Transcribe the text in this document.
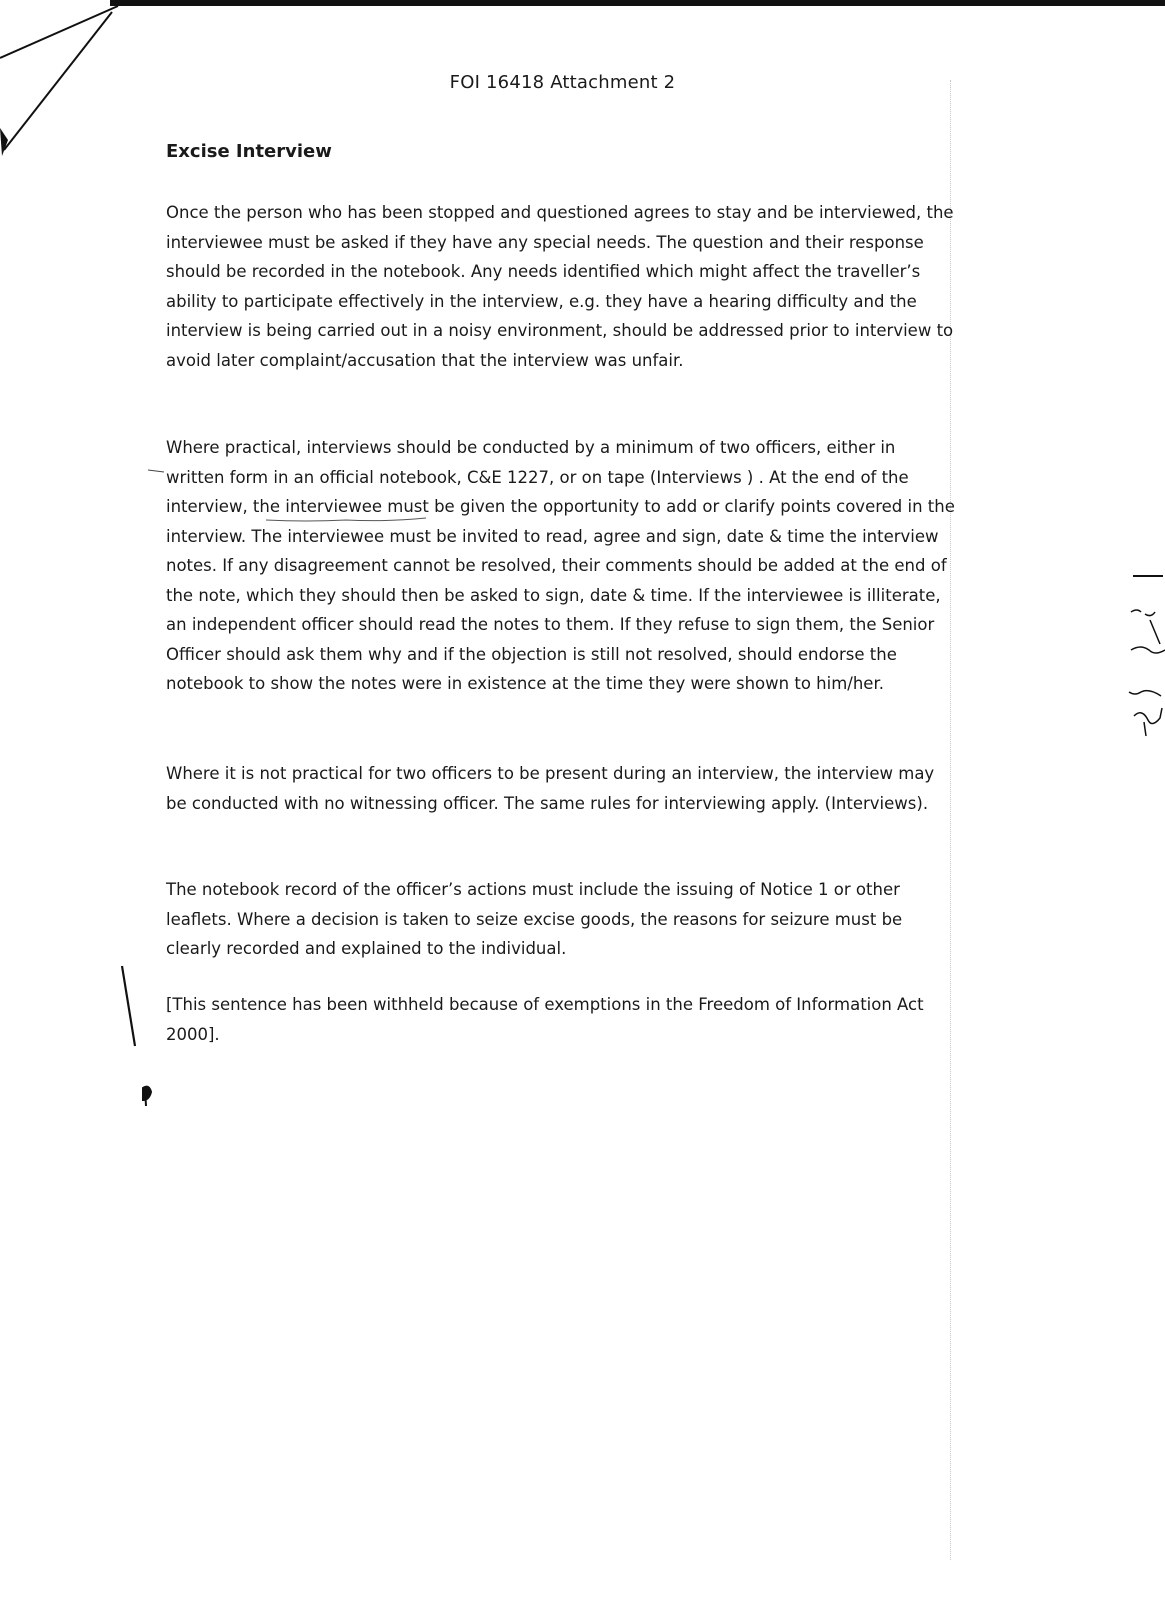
FOI 16418 Attachment 2
Excise Interview

Once the person who has been stopped and questioned agrees to stay and be interviewed, the interviewee must be asked if they have any special needs. The question and their response should be recorded in the notebook. Any needs identified which might affect the traveller’s ability to participate effectively in the interview, e.g. they have a hearing difficulty and the interview is being carried out in a noisy environment, should be addressed prior to interview to avoid later complaint/accusation that the interview was unfair.

Where practical, interviews should be conducted by a minimum of two officers, either in written form in an official notebook, C&E 1227, or on tape (Interviews ) . At the end of the interview, the interviewee must be given the opportunity to add or clarify points covered in the interview. The interviewee must be invited to read, agree and sign, date & time the interview notes. If any disagreement cannot be resolved, their comments should be added at the end of the note, which they should then be asked to sign, date & time. If the interviewee is illiterate, an independent officer should read the notes to them. If they refuse to sign them, the Senior Officer should ask them why and if the objection is still not resolved, should endorse the notebook to show the notes were in existence at the time they were shown to him/her.

Where it is not practical for two officers to be present during an interview, the interview may be conducted with no witnessing officer. The same rules for interviewing apply. (Interviews).

The notebook record of the officer’s actions must include the issuing of Notice 1 or other leaflets. Where a decision is taken to seize excise goods, the reasons for seizure must be clearly recorded and explained to the individual.

[This sentence has been withheld because of exemptions in the Freedom of Information Act 2000].
